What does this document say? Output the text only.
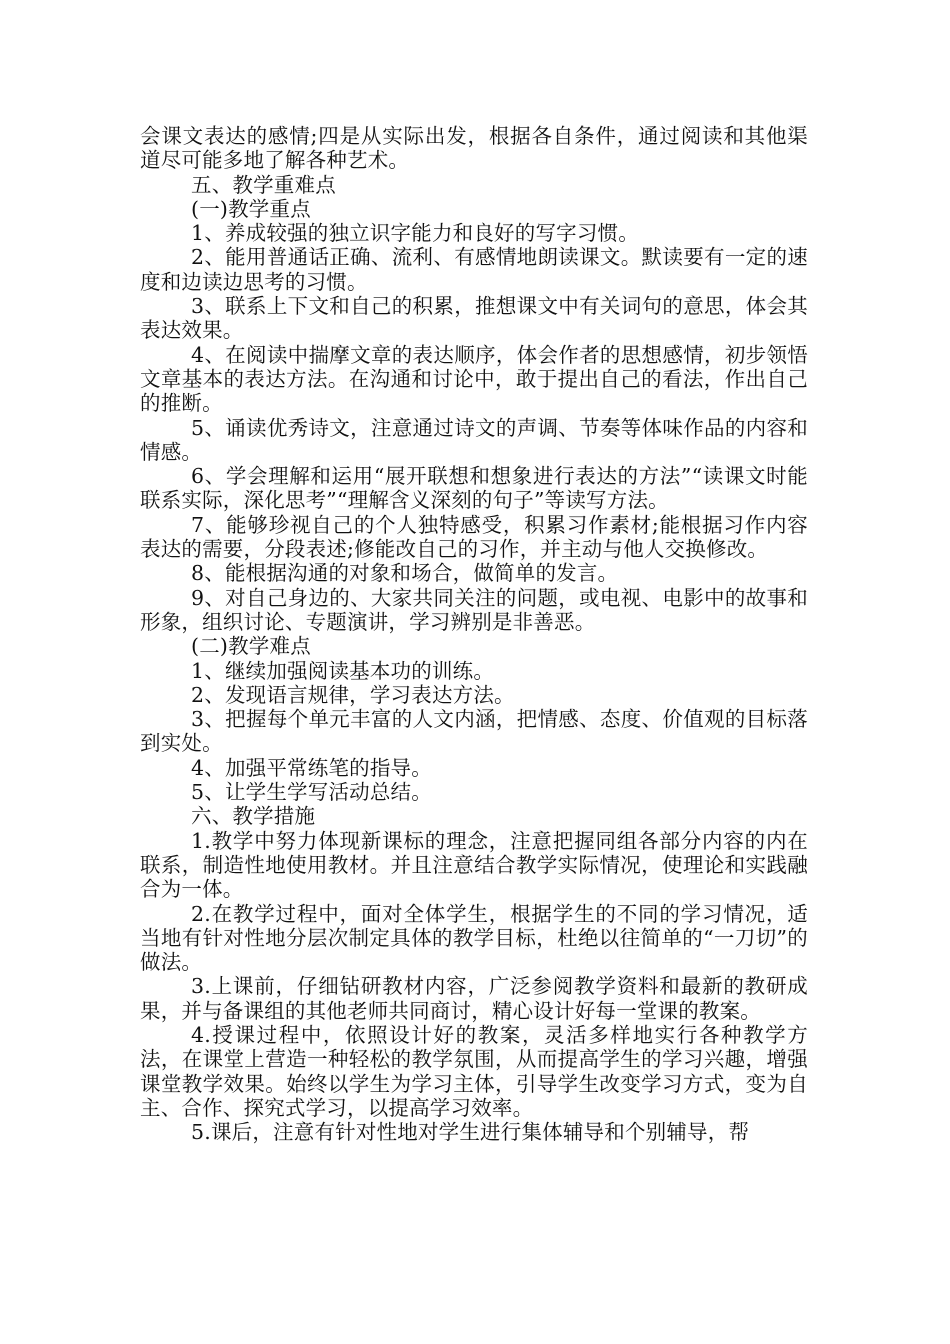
会课文表达的感情;四是从实际出发，根据各自条件，通过阅读和其他渠道尽可能多地了解各种艺术。

五、教学重难点

(一)教学重点

1、养成较强的独立识字能力和良好的写字习惯。

2、能用普通话正确、流利、有感情地朗读课文。默读要有一定的速度和边读边思考的习惯。

3、联系上下文和自己的积累，推想课文中有关词句的意思，体会其表达效果。

4、在阅读中揣摩文章的表达顺序，体会作者的思想感情，初步领悟文章基本的表达方法。在沟通和讨论中，敢于提出自己的看法，作出自己的推断。

5、诵读优秀诗文，注意通过诗文的声调、节奏等体味作品的内容和情感。

6、学会理解和运用“展开联想和想象进行表达的方法”“读课文时能联系实际，深化思考”“理解含义深刻的句子”等读写方法。

7、能够珍视自己的个人独特感受，积累习作素材;能根据习作内容表达的需要，分段表述;修能改自己的习作，并主动与他人交换修改。

8、能根据沟通的对象和场合，做简单的发言。

9、对自己身边的、大家共同关注的问题，或电视、电影中的故事和形象，组织讨论、专题演讲，学习辨别是非善恶。

(二)教学难点

1、继续加强阅读基本功的训练。

2、发现语言规律，学习表达方法。

3、把握每个单元丰富的人文内涵，把情感、态度、价值观的目标落到实处。

4、加强平常练笔的指导。

5、让学生学写活动总结。

六、教学措施

1.教学中努力体现新课标的理念，注意把握同组各部分内容的内在联系，制造性地使用教材。并且注意结合教学实际情况，使理论和实践融合为一体。

2.在教学过程中，面对全体学生，根据学生的不同的学习情况，适当地有针对性地分层次制定具体的教学目标，杜绝以往简单的“一刀切”的做法。

3.上课前，仔细钻研教材内容，广泛参阅教学资料和最新的教研成果，并与备课组的其他老师共同商讨，精心设计好每一堂课的教案。

4.授课过程中，依照设计好的教案，灵活多样地实行各种教学方法，在课堂上营造一种轻松的教学氛围，从而提高学生的学习兴趣，增强课堂教学效果。始终以学生为学习主体，引导学生改变学习方式，变为自主、合作、探究式学习，以提高学习效率。

5.课后，注意有针对性地对学生进行集体辅导和个别辅导，帮
